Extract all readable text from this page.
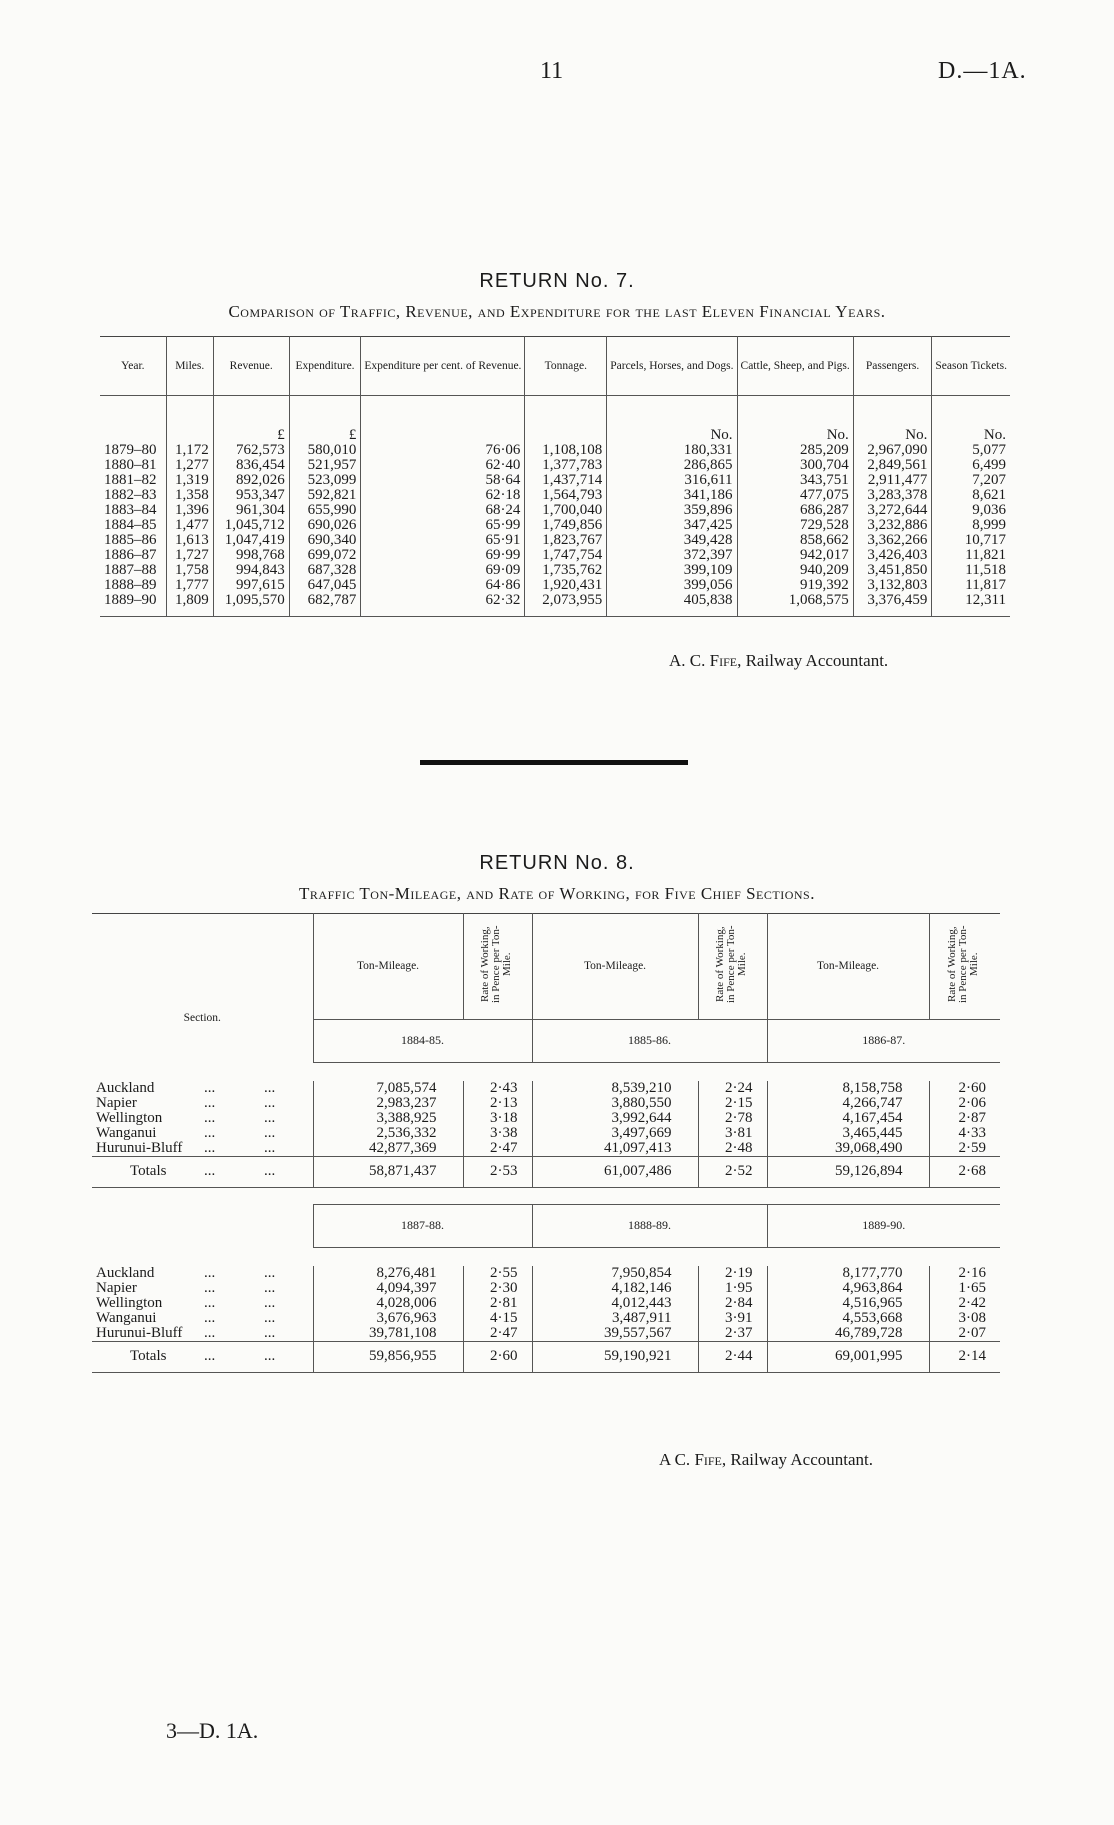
11	D.—1A.
RETURN No. 7.
Comparison of Traffic, Revenue, and Expenditure for the last Eleven Financial Years.
Year.	Miles.	Revenue.	Expenditure.	Expenditure per cent. of Revenue.	Tonnage.	Parcels, Horses, and Dogs.	Cattle, Sheep, and Pigs.	Passengers.	Season Tickets.

		£	£			No.	No.	No.	No.
1879–80	1,172	762,573	580,010	76·06	1,108,108	180,331	285,209	2,967,090	5,077
1880–81	1,277	836,454	521,957	62·40	1,377,783	286,865	300,704	2,849,561	6,499
1881–82	1,319	892,026	523,099	58·64	1,437,714	316,611	343,751	2,911,477	7,207
1882–83	1,358	953,347	592,821	62·18	1,564,793	341,186	477,075	3,283,378	8,621
1883–84	1,396	961,304	655,990	68·24	1,700,040	359,896	686,287	3,272,644	9,036
1884–85	1,477	1,045,712	690,026	65·99	1,749,856	347,425	729,528	3,232,886	8,999
1885–86	1,613	1,047,419	690,340	65·91	1,823,767	349,428	858,662	3,362,266	10,717
1886–87	1,727	998,768	699,072	69·99	1,747,754	372,397	942,017	3,426,403	11,821
1887–88	1,758	994,843	687,328	69·09	1,735,762	399,109	940,209	3,451,850	11,518
1888–89	1,777	997,615	647,045	64·86	1,920,431	399,056	919,392	3,132,803	11,817
1889–90	1,809	1,095,570	682,787	62·32	2,073,955	405,838	1,068,575	3,376,459	12,311
A. C. Fife, Railway Accountant.
RETURN No. 8.
Traffic Ton-Mileage, and Rate of Working, for Five Chief Sections.
Section.	Ton-Mileage.	Rate of Working, in Pence per Ton-Mile.	Ton-Mileage.	Rate of Working, in Pence per Ton-Mile.	Ton-Mileage.	Rate of Working, in Pence per Ton-Mile.
	1884-85.		1885-86.		1886-87.	

Auckland ... ...	7,085,574	2·43	8,539,210	2·24	8,158,758	2·60
Napier ... ...	2,983,237	2·13	3,880,550	2·15	4,266,747	2·06
Wellington ... ...	3,388,925	3·18	3,992,644	2·78	4,167,454	2·87
Wanganui ... ...	2,536,332	3·38	3,497,669	3·81	3,465,445	4·33
Hurunui-Bluff ... ...	42,877,369	2·47	41,097,413	2·48	39,068,490	2·59
Totals ... ...	58,871,437	2·53	61,007,486	2·52	59,126,894	2·68

	1887-88.		1888-89.		1889-90.	

Auckland ... ...	8,276,481	2·55	7,950,854	2·19	8,177,770	2·16
Napier ... ...	4,094,397	2·30	4,182,146	1·95	4,963,864	1·65
Wellington ... ...	4,028,006	2·81	4,012,443	2·84	4,516,965	2·42
Wanganui ... ...	3,676,963	4·15	3,487,911	3·91	4,553,668	3·08
Hurunui-Bluff ... ...	39,781,108	2·47	39,557,567	2·37	46,789,728	2·07
Totals ... ...	59,856,955	2·60	59,190,921	2·44	69,001,995	2·14
A C. Fife, Railway Accountant.
3—D. 1A.
